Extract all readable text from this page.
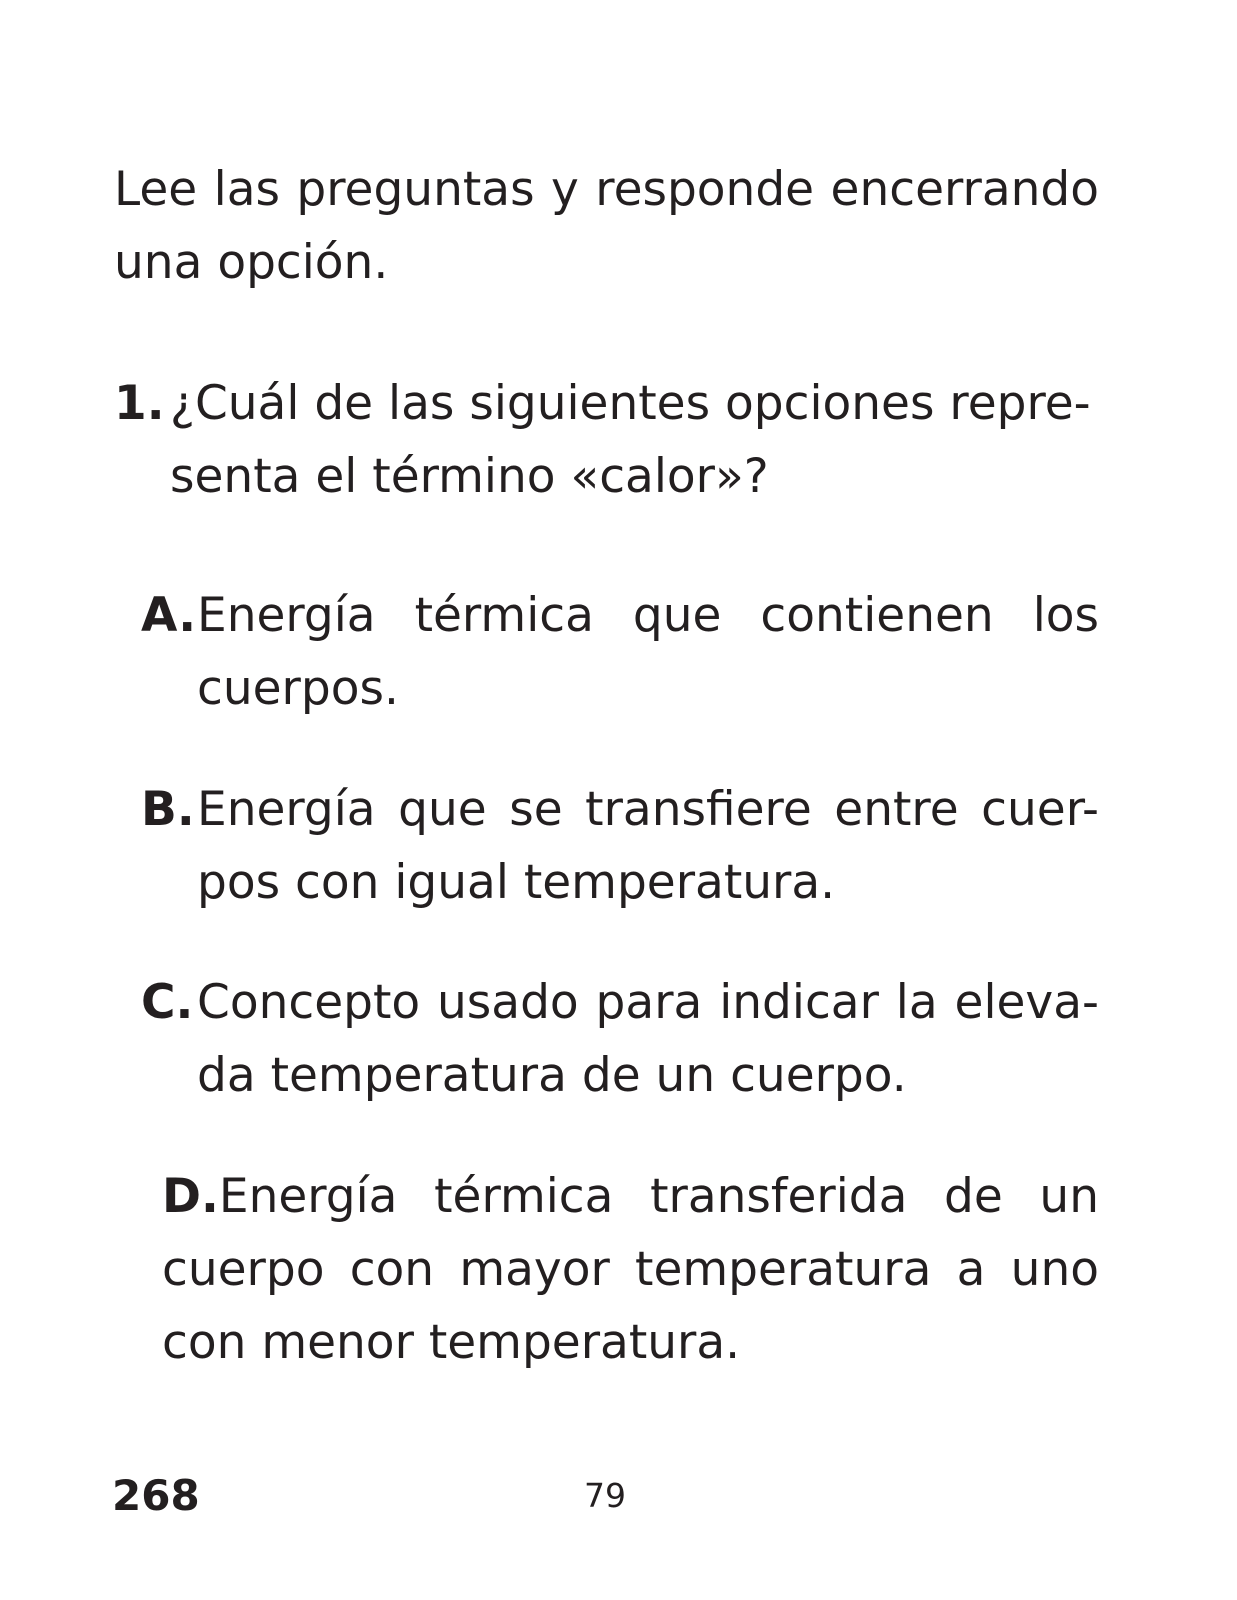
Lee las preguntas y responde encerrando una opción.
1. ¿Cuál de las siguientes opciones repre-senta el término «calor»?
A. Energía térmica que contienen los cuerpos.
B. Energía que se transfiere entre cuer-pos con igual temperatura.
C. Concepto usado para indicar la eleva-da temperatura de un cuerpo.
D.Energía térmica transferida de un cuerpo con mayor temperatura a uno con menor temperatura.
268	79
